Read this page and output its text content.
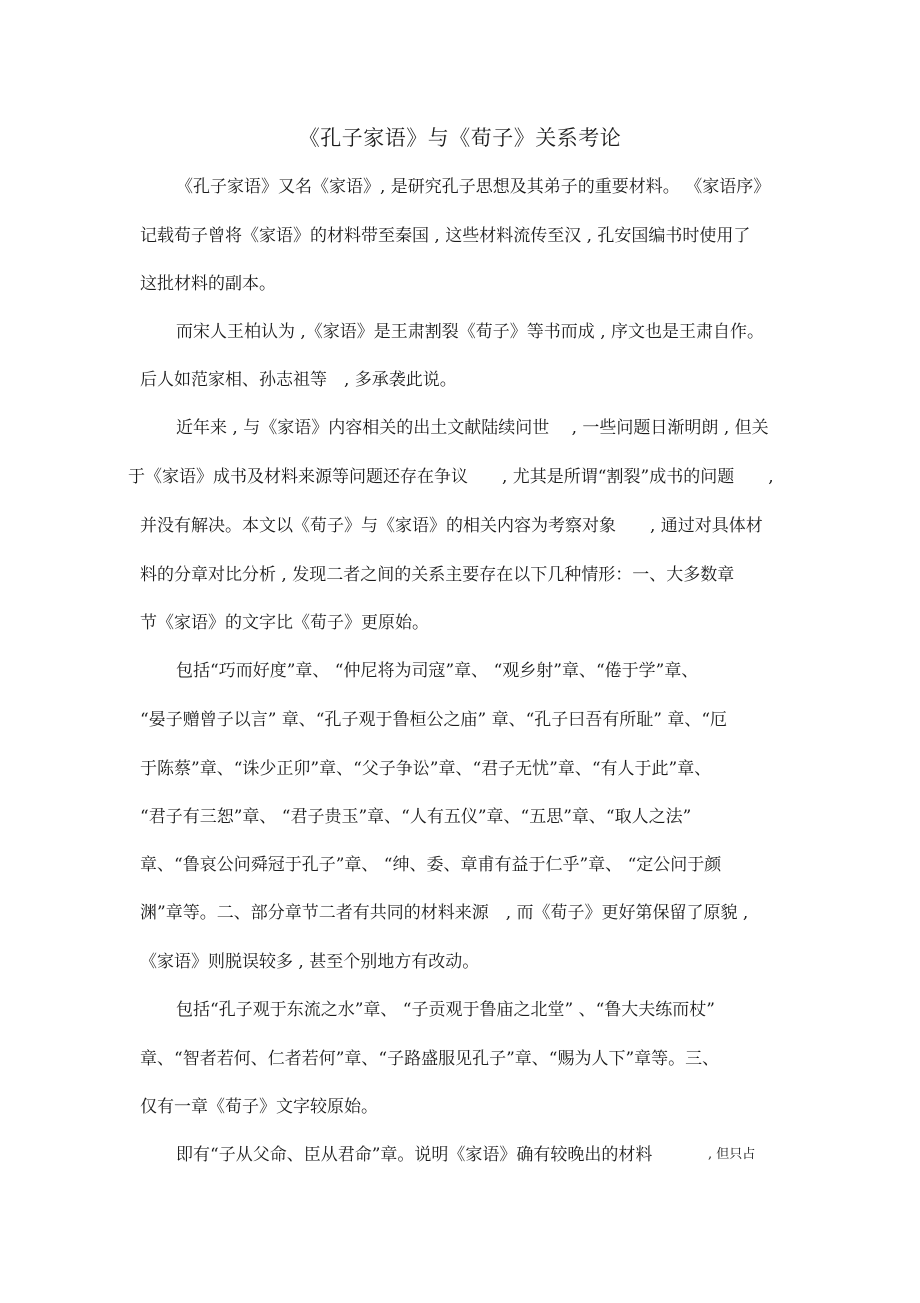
《孔子家语》与《荀子》关系考论
《孔子家语》又名《家语》, 是研究孔子思想及其弟子的重要材料。 《家语序》
记载荀子曾将《家语》的材料带至秦国 , 这些材料流传至汉 , 孔安国编书时使用了
这批材料的副本。
而宋人王柏认为 ,《家语》是王肃割裂《荀子》等书而成 , 序文也是王肃自作。
后人如范家相、孙志祖等　, 多承袭此说。
近年来 , 与《家语》内容相关的出土文献陆续问世　 , 一些问题日渐明朗 , 但关
于《家语》成书及材料来源等问题还存在争议　　, 尤其是所谓“割裂”成书的问题　　,
并没有解决。本文以《荀子》与《家语》的相关内容为考察对象　　, 通过对具体材
料的分章对比分析 , 发现二者之间的关系主要存在以下几种情形：一、大多数章
节《家语》的文字比《荀子》更原始。
包括“巧而好度”章、 “仲尼将为司寇”章、 “观乡射”章、“倦于学”章、
“晏子赠曾子以言” 章、“孔子观于鲁桓公之庙” 章、“孔子曰吾有所耻” 章、“厄
于陈蔡”章、“诛少正卯”章、“父子争讼”章、“君子无忧”章、“有人于此”章、
“君子有三恕”章、 “君子贵玉”章、“人有五仪”章、“五思”章、“取人之法”
章、“鲁哀公问舜冠于孔子”章、 “绅、委、章甫有益于仁乎”章、 “定公问于颜
渊”章等。二、部分章节二者有共同的材料来源　, 而《荀子》更好第保留了原貌 ,
《家语》则脱误较多 , 甚至个别地方有改动。
包括“孔子观于东流之水”章、 “子贡观于鲁庙之北堂” 、“鲁大夫练而杖”
章、“智者若何、仁者若何”章、“子路盛服见孔子”章、“赐为人下”章等。三、
仅有一章《荀子》文字较原始。
即有“子从父命、臣从君命”章。说明《家语》确有较晚出的材料	, 但只占
